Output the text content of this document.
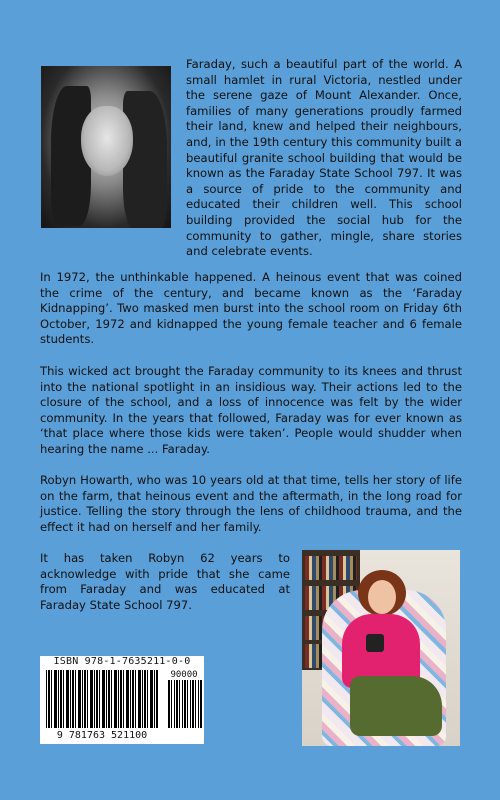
Faraday, such a beautiful part of the world. A small hamlet in rural Victoria, nestled under the serene gaze of Mount Alexander. Once, families of many generations proudly farmed their land, knew and helped their neighbours, and, in the 19th century this community built a beautiful granite school building that would be known as the Faraday State School 797. It was a source of pride to the community and educated their children well. This school building provided the social hub for the community to gather, mingle, share stories and celebrate events.

In 1972, the unthinkable happened. A heinous event that was coined the crime of the century, and became known as the ‘Faraday Kidnapping’. Two masked men burst into the school room on Friday 6th October, 1972 and kidnapped the young female teacher and 6 female students.

This wicked act brought the Faraday community to its knees and thrust into the national spotlight in an insidious way. Their actions led to the closure of the school, and a loss of innocence was felt by the wider community. In the years that followed, Faraday was for ever known as ‘that place where those kids were taken’. People would shudder when hearing the name ... Faraday.

Robyn Howarth, who was 10 years old at that time, tells her story of life on the farm, that heinous event and the aftermath, in the long road for justice. Telling the story through the lens of childhood trauma, and the effect it had on herself and her family.

It has taken Robyn 62 years to acknowledge with pride that she came from Faraday and was educated at Faraday State School 797.

ISBN 978-1-7635211-0-0
90000
9 781763 521100
